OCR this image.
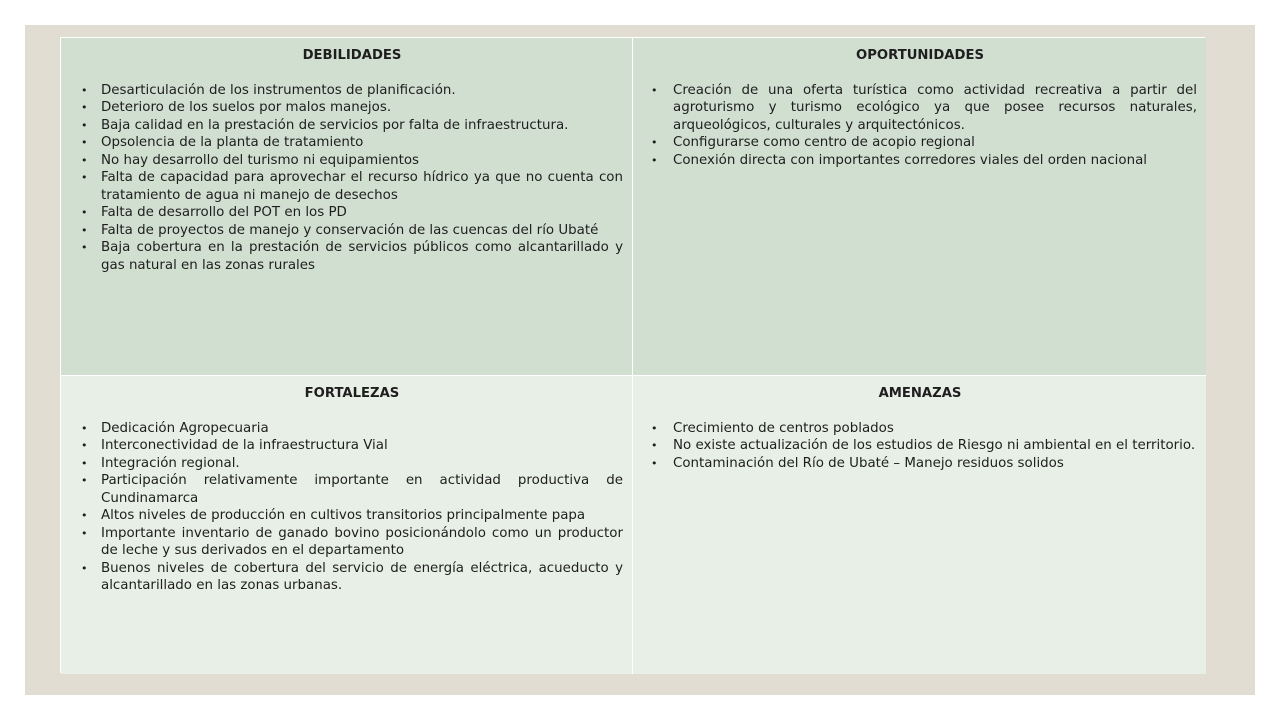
DEBILIDADES
•	Desarticulación de los instrumentos de planificación.
•	Deterioro de los suelos por malos manejos.
•	Baja calidad en la prestación de servicios por falta de infraestructura.
•	Opsolencia de la planta de tratamiento
•	No hay desarrollo del turismo ni equipamientos
•	Falta de capacidad para aprovechar el recurso hídrico ya que no cuenta con tratamiento de agua ni manejo de desechos
•	Falta de desarrollo del POT en los PD
•	Falta de proyectos de manejo y conservación de las cuencas del río Ubaté
•	Baja cobertura en la prestación de servicios públicos como alcantarillado y gas natural en las zonas rurales
OPORTUNIDADES
•	Creación de una oferta turística como actividad recreativa a partir del agroturismo y turismo ecológico ya que posee recursos naturales, arqueológicos, culturales y arquitectónicos.
•	Configurarse como centro de acopio regional
•	Conexión directa con importantes corredores viales del orden nacional
FORTALEZAS
•	Dedicación Agropecuaria
•	Interconectividad de la infraestructura Vial
•	Integración regional.
•	Participación relativamente importante en actividad productiva de Cundinamarca
•	Altos niveles de producción en cultivos transitorios principalmente papa
•	Importante inventario de ganado bovino posicionándolo como un productor de leche y sus derivados en el departamento
•	Buenos niveles de cobertura del servicio de energía eléctrica, acueducto y alcantarillado en las zonas urbanas.
AMENAZAS
•	Crecimiento de centros poblados
•	No existe actualización de los estudios de Riesgo ni ambiental en el territorio.
•	Contaminación del Río de Ubaté – Manejo residuos solidos
